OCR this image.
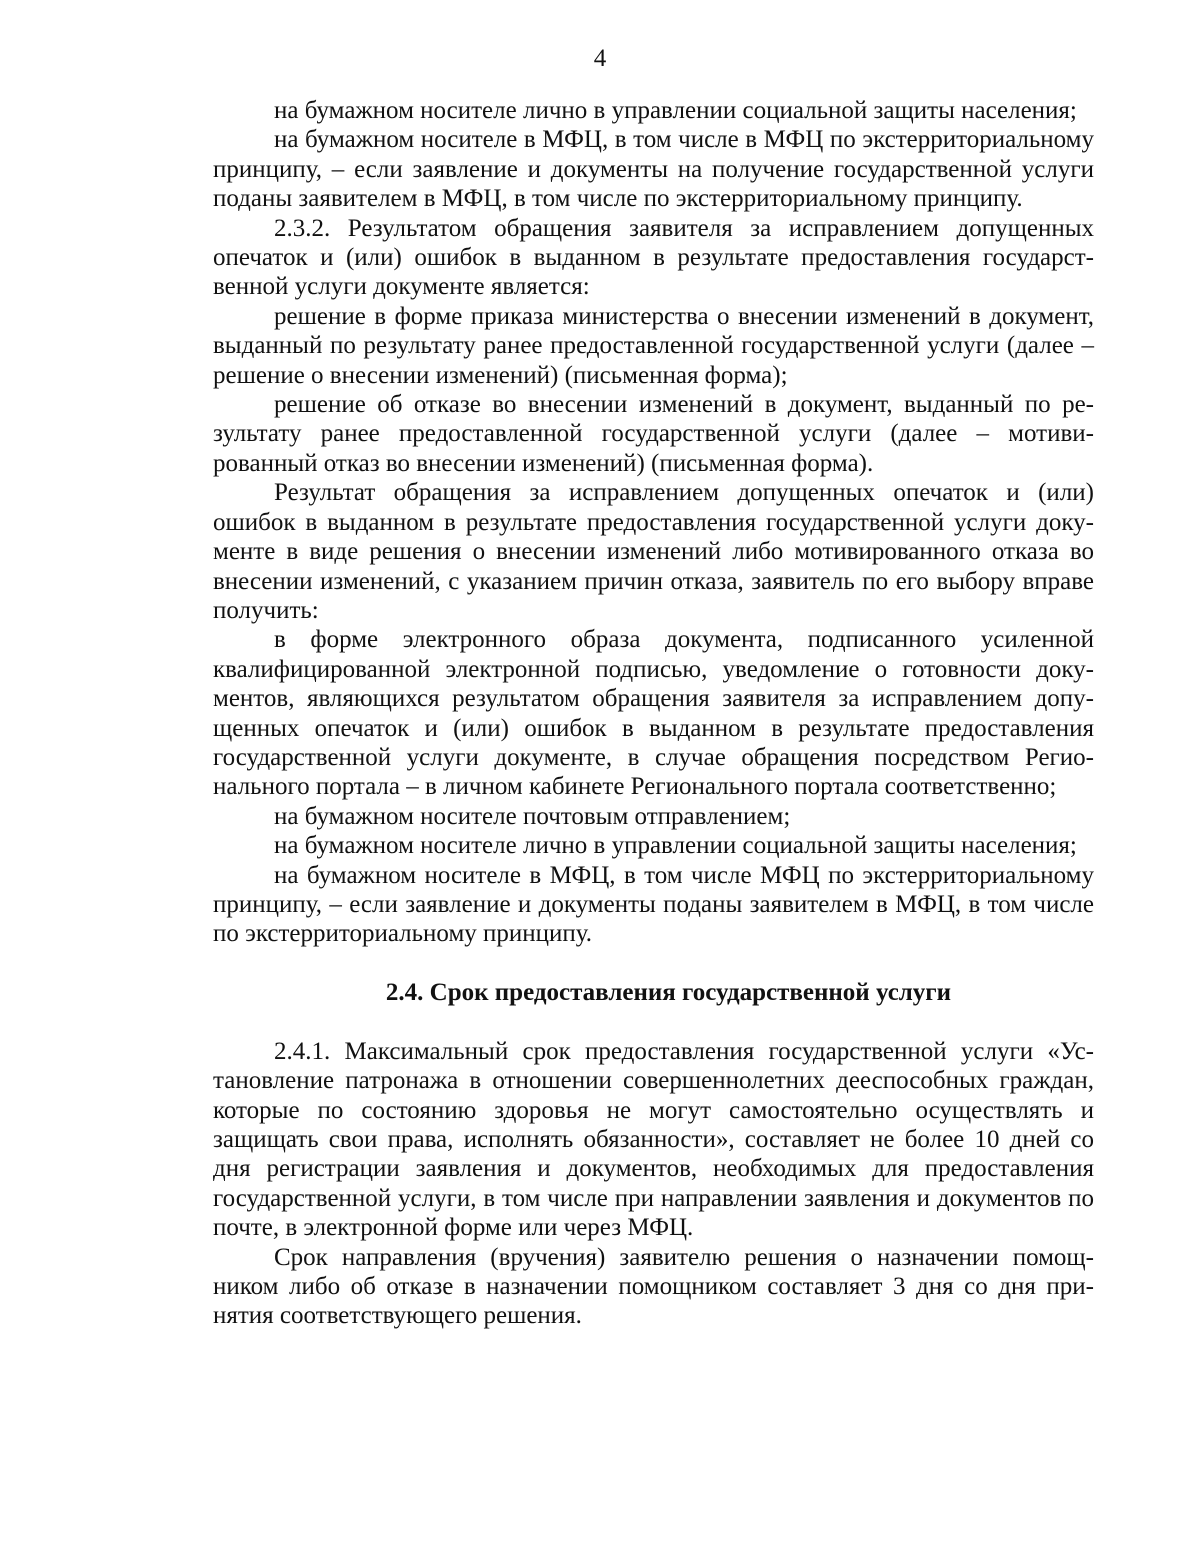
4

на бумажном носителе лично в управлении социальной защиты населения;

на бумажном носителе в МФЦ, в том числе в МФЦ по экстерриториальному принципу, – если заявление и документы на получение государственной услуги поданы заявителем в МФЦ, в том числе по экстерриториальному принципу.

2.3.2. Результатом обращения заявителя за исправлением допущенных опечаток и (или) ошибок в выданном в результате предоставления государственной услуги документе является:

решение в форме приказа министерства о внесении изменений в документ, выданный по результату ранее предоставленной государственной услуги (далее – решение о внесении изменений) (письменная форма);

решение об отказе во внесении изменений в документ, выданный по результату ранее предоставленной государственной услуги (далее – мотивированный отказ во внесении изменений) (письменная форма).

Результат обращения за исправлением допущенных опечаток и (или) ошибок в выданном в результате предоставления государственной услуги документе в виде решения о внесении изменений либо мотивированного отказа во внесении изменений, с указанием причин отказа, заявитель по его выбору вправе получить:

в форме электронного образа документа, подписанного усиленной квалифицированной электронной подписью, уведомление о готовности документов, являющихся результатом обращения заявителя за исправлением допущенных опечаток и (или) ошибок в выданном в результате предоставления государственной услуги документе, в случае обращения посредством Регионального портала – в личном кабинете Регионального портала соответственно;

на бумажном носителе почтовым отправлением;

на бумажном носителе лично в управлении социальной защиты населения;

на бумажном носителе в МФЦ, в том числе МФЦ по экстерриториальному принципу, – если заявление и документы поданы заявителем в МФЦ, в том числе по экстерриториальному принципу.

2.4. Срок предоставления государственной услуги

2.4.1. Максимальный срок предоставления государственной услуги «Установление патронажа в отношении совершеннолетних дееспособных граждан, которые по состоянию здоровья не могут самостоятельно осуществлять и защищать свои права, исполнять обязанности», составляет не более 10 дней со дня регистрации заявления и документов, необходимых для предоставления государственной услуги, в том числе при направлении заявления и документов по почте, в электронной форме или через МФЦ.

Срок направления (вручения) заявителю решения о назначении помощником либо об отказе в назначении помощником составляет 3 дня со дня принятия соответствующего решения.
